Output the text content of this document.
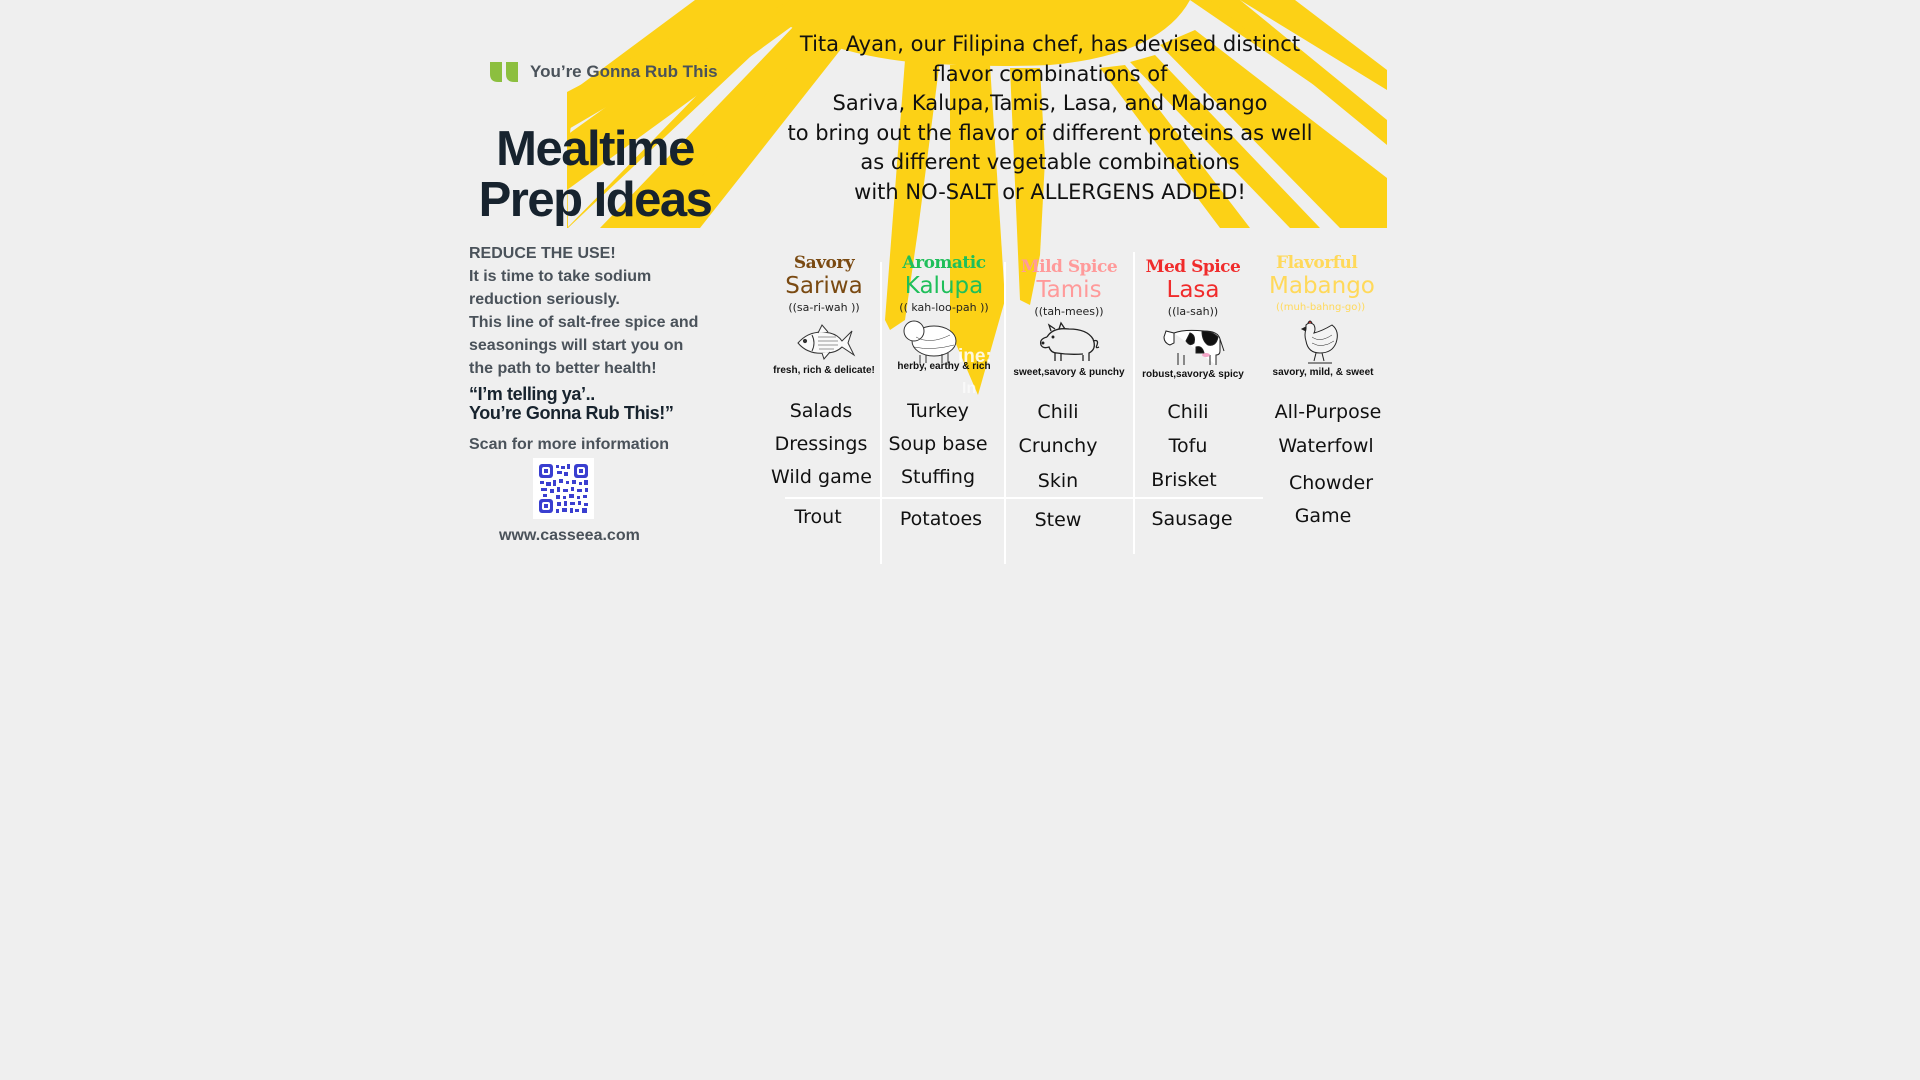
You’re Gonna Rub This
Mealtime
Prep Ideas
REDUCE THE USE!
It is time to take sodium
reduction seriously.
This line of salt-free spice and
seasonings will start you on
the path to better health!
“I’m telling ya’..
You’re Gonna Rub This!”
Scan for more information
www.casseea.com
Tita Ayan, our Filipina chef, has devised distinct
flavor combinations of
Sariva, Kalupa,Tamis, Lasa, and Mabango
to bring out the flavor of different proteins as well
as different vegetable combinations
with NO-SALT or ALLERGENS ADDED!
Savory
Sariwa
((sa-ri-wah ))
fresh, rich & delicate!
Aromatic
Kalupa
(( kah-loo-pah ))
herby, earthy & rich
ine:
In
Mild Spice
Tamis
((tah-mees))
sweet,savory & punchy
Med Spice
Lasa
((la-sah))
robust,savory& spicy
Flavorful
Mabango
((muh-bahng-go))
savory, mild, & sweet
Salads
Dressings
Wild game
Trout
Turkey
Soup base
Stuffing
Potatoes
Chili
Crunchy
Skin
Stew
Chili
Tofu
Brisket
Sausage
All-Purpose
Waterfowl
Chowder
Game
